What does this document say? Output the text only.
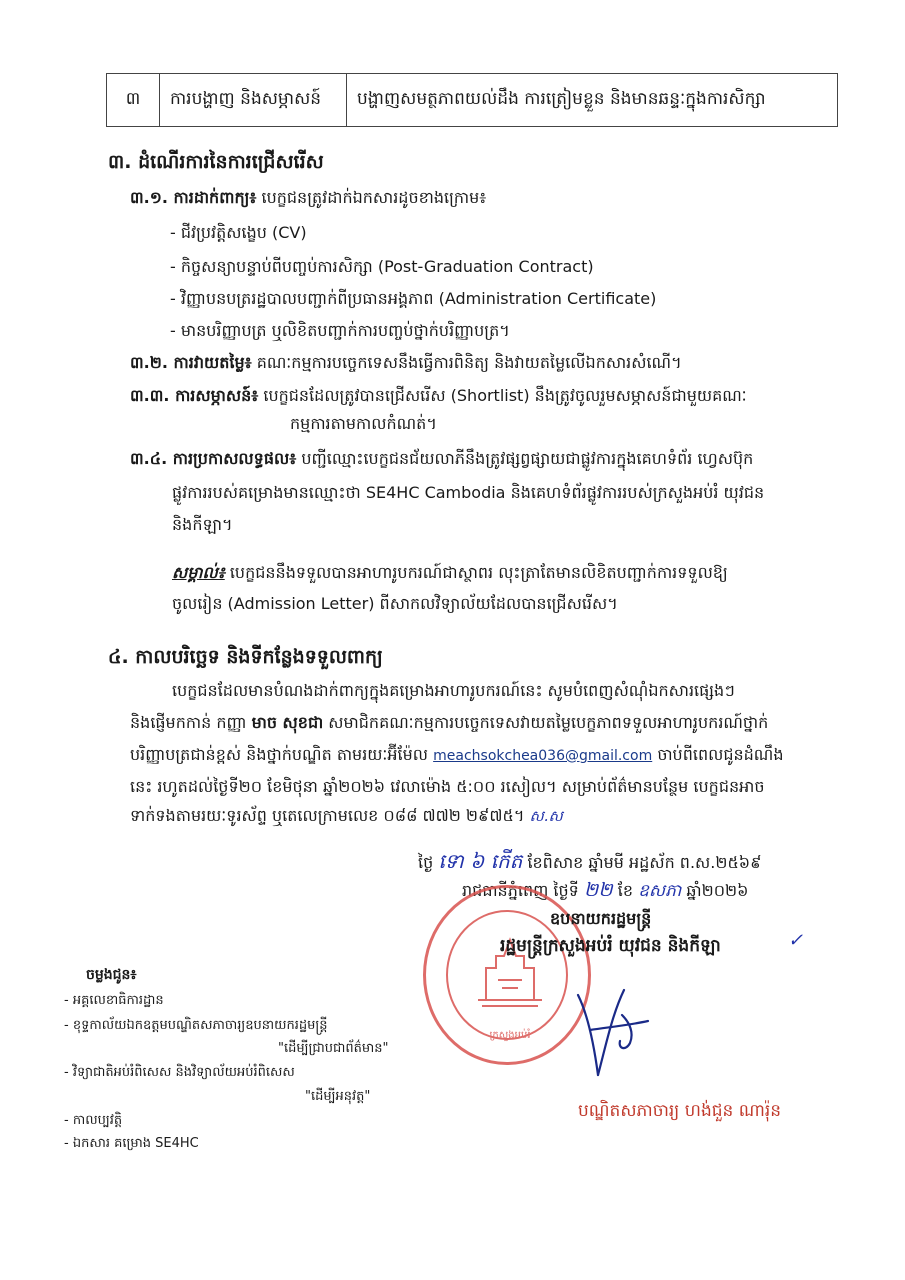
៣	ការបង្ហាញ និងសម្ភាសន៍	បង្ហាញសមត្ថភាពយល់ដឹង ការត្រៀមខ្លួន និងមានឆន្ទៈក្នុងការសិក្សា
៣. ដំណើរការនៃការជ្រើសរើស
៣.១. ការដាក់ពាក្យ៖ បេក្ខជនត្រូវដាក់ឯកសារដូចខាងក្រោម៖
- ជីវប្រវត្តិសង្ខេប (CV)
- កិច្ចសន្យាបន្ទាប់ពីបញ្ចប់ការសិក្សា (Post-Graduation Contract)
- វិញ្ញាបនបត្ររដ្ឋបាលបញ្ជាក់ពីប្រធានអង្គភាព (Administration Certificate)
- មានបរិញ្ញាបត្រ ឬលិខិតបញ្ជាក់ការបញ្ចប់ថ្នាក់បរិញ្ញាបត្រ។
៣.២. ការវាយតម្លៃ៖ គណៈកម្មការបច្ចេកទេសនឹងធ្វើការពិនិត្យ និងវាយតម្លៃលើឯកសារសំណើ។
៣.៣. ការសម្ភាសន៍៖ បេក្ខជនដែលត្រូវបានជ្រើសរើស (Shortlist) នឹងត្រូវចូលរួមសម្ភាសន៍ជាមួយគណៈ
កម្មការតាមកាលកំណត់។
៣.៤. ការប្រកាសលទ្ធផល៖ បញ្ជីឈ្មោះបេក្ខជនជ័យលាភីនឹងត្រូវផ្សព្វផ្សាយជាផ្លូវការក្នុងគេហទំព័រ ហ្វេសប៊ុក
ផ្លូវការរបស់គម្រោងមានឈ្មោះថា SE4HC Cambodia និងគេហទំព័រផ្លូវការរបស់ក្រសួងអប់រំ យុវជន
និងកីឡា។
សម្គាល់៖ បេក្ខជននឹងទទួលបានអាហារូបករណ៍ជាស្ថាពរ លុះត្រាតែមានលិខិតបញ្ជាក់ការទទួលឱ្យ
ចូលរៀន (Admission Letter) ពីសាកលវិទ្យាល័យដែលបានជ្រើសរើស។
៤. កាលបរិច្ឆេទ និងទីកន្លែងទទួលពាក្យ
បេក្ខជនដែលមានបំណងដាក់ពាក្យក្នុងគម្រោងអាហារូបករណ៍នេះ សូមបំពេញសំណុំឯកសារផ្សេងៗ
និងផ្ញើមកកាន់ កញ្ញា មាច សុខជា សមាជិកគណៈកម្មការបច្ចេកទេសវាយតម្លៃបេក្ខភាពទទួលអាហារូបករណ៍ថ្នាក់
បរិញ្ញាបត្រជាន់ខ្ពស់ និងថ្នាក់បណ្ឌិត តាមរយៈអ៊ីម៉ែល meachsokchea036@gmail.com ចាប់ពីពេលជូនដំណឹង
នេះ រហូតដល់ថ្ងៃទី២០ ខែមិថុនា ឆ្នាំ២០២៦ វេលាម៉ោង ៥:០០ រសៀល។ សម្រាប់ព័ត៌មានបន្ថែម បេក្ខជនអាច
ទាក់ទងតាមរយៈទូរស័ព្ទ ឬតេលេក្រាមលេខ ០៨៨ ៧៧២ ២៩៧៥។ ស.ស
ថ្ងៃ ទោ ៦ កើត ខែពិសាខ ឆ្នាំមមី អដ្ឋស័ក ព.ស.២៥៦៩
រាជធានីភ្នំពេញ ថ្ងៃទី ២២ ខែ ឧសភា ឆ្នាំ២០២៦
ក្រសួងអប់រំ
ឧបនាយករដ្ឋមន្ត្រី
រដ្ឋមន្ត្រីក្រសួងអប់រំ យុវជន និងកីឡា	✓
បណ្ឌិតសភាចារ្យ ហង់ជួន ណារ៉ុន
ចម្លងជូន៖
- អគ្គលេខាធិការដ្ឋាន
- ខុទ្ទកាល័យឯកឧត្តមបណ្ឌិតសភាចារ្យឧបនាយករដ្ឋមន្ត្រី
"ដើម្បីជ្រាបជាព័ត៌មាន"
- វិទ្យាជាតិអប់រំពិសេស និងវិទ្យាល័យអប់រំពិសេស
"ដើម្បីអនុវត្ត"
- កាលប្បវត្តិ
- ឯកសារ គម្រោង SE4HC
